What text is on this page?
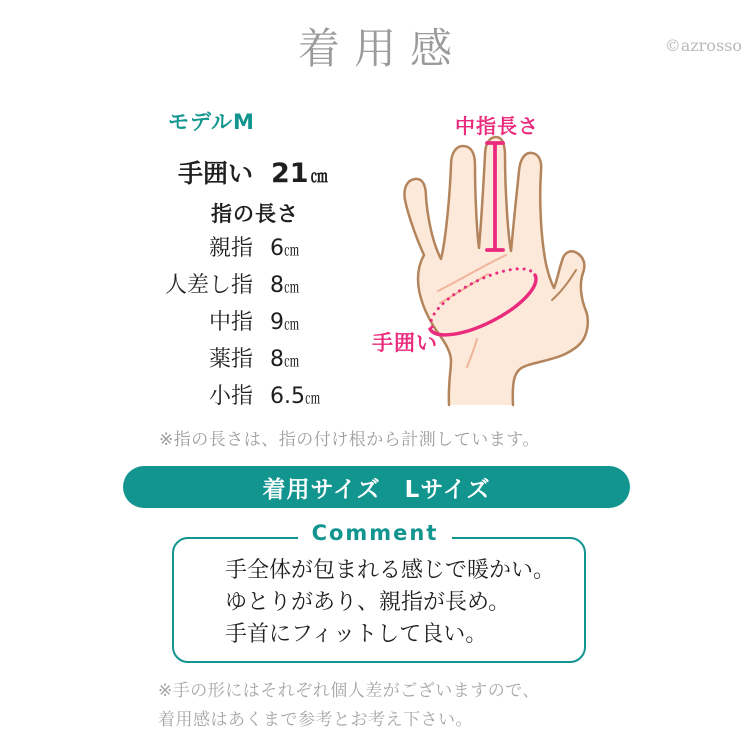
着用感	©azrosso
モデルM
手囲い 21 ㎝
指の長さ
親指 6㎝
人差し指 8㎝
中指 9㎝
薬指 8㎝
小指 6.5㎝
※指の長さは、指の付け根から計測しています。
中指長さ
手囲い
着用サイズ　Lサイズ
Comment
手全体が包まれる感じで暖かい。
ゆとりがあり、親指が長め。
手首にフィットして良い。
※手の形にはそれぞれ個人差がございますので、
着用感はあくまで参考とお考え下さい。
